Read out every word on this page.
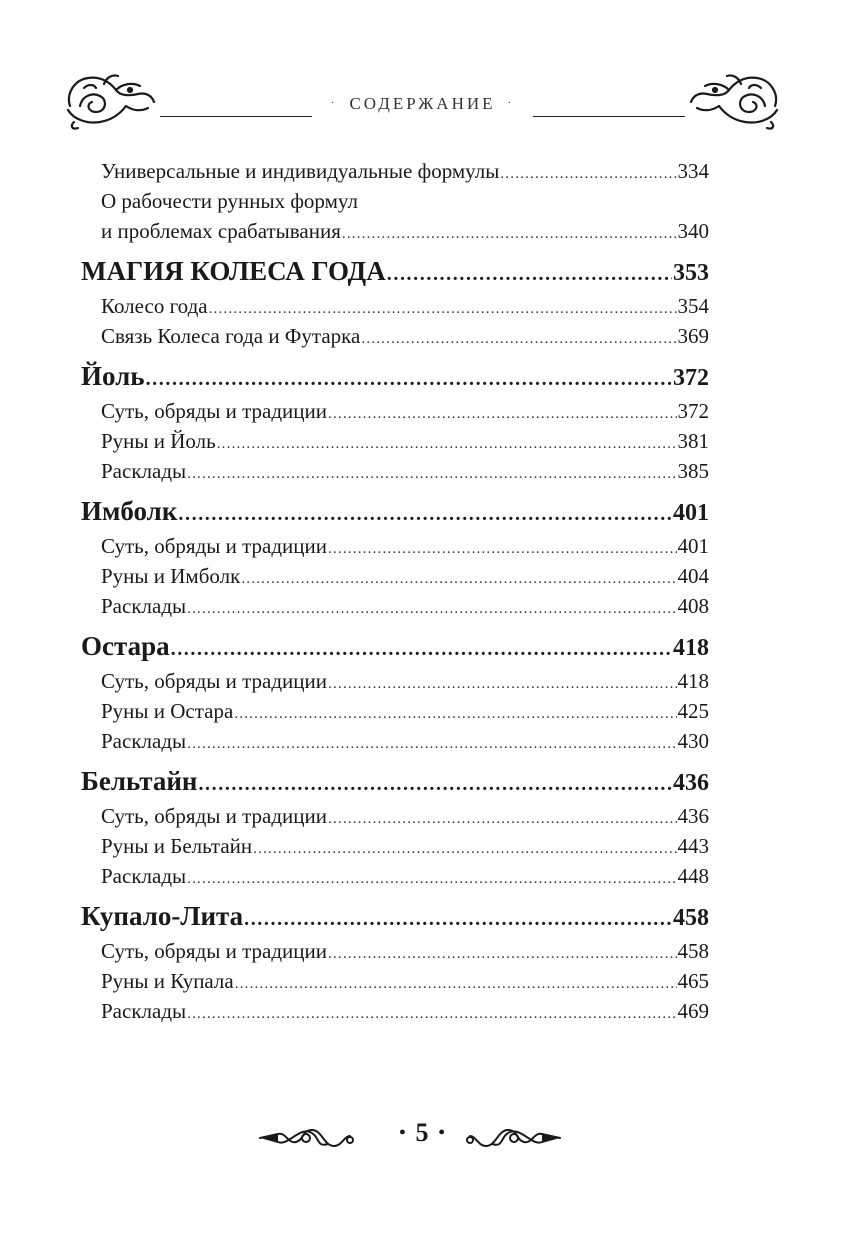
· СОДЕРЖАНИЕ ·
Универсальные и индивидуальные формулы .....	334
О рабочести рунных формул
и проблемах срабатывания .....	340
МАГИЯ КОЛЕСА ГОДА .....	353
Колесо года .....	354
Связь Колеса года и Футарка .....	369
Йоль .....	372
Суть, обряды и традиции .....	372
Руны и Йоль .....	381
Расклады .....	385
Имболк .....	401
Суть, обряды и традиции .....	401
Руны и Имболк .....	404
Расклады .....	408
Остара .....	418
Суть, обряды и традиции .....	418
Руны и Остара .....	425
Расклады .....	430
Бельтайн .....	436
Суть, обряды и традиции .....	436
Руны и Бельтайн .....	443
Расклады .....	448
Купало-Лита .....	458
Суть, обряды и традиции .....	458
Руны и Купала .....	465
Расклады .....	469
• 5 •
